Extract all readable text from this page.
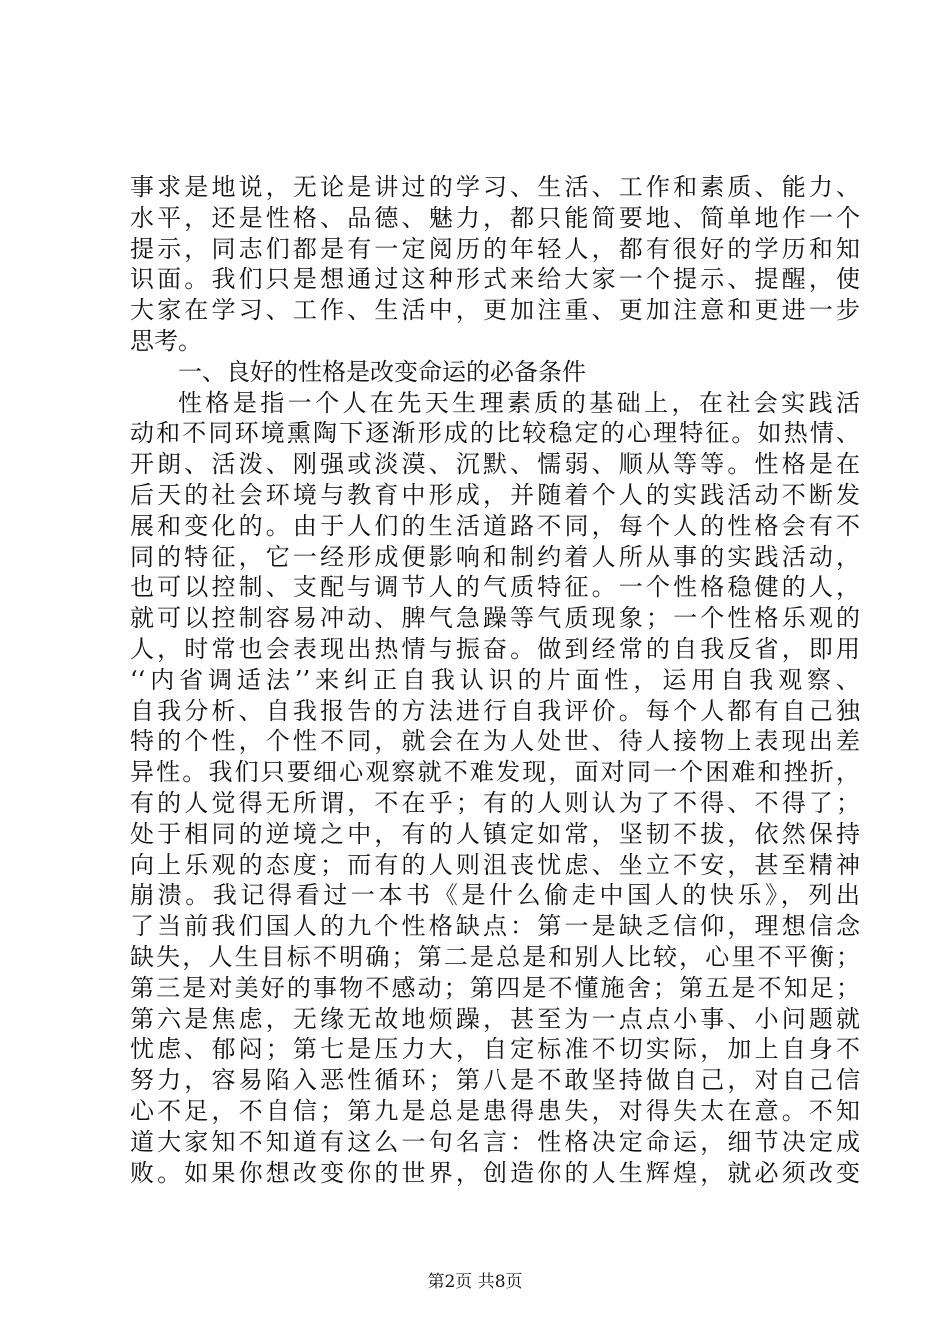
事求是地说，无论是讲过的学习、生活、工作和素质、能力、
水平，还是性格、品德、魅力，都只能简要地、简单地作一个
提示，同志们都是有一定阅历的年轻人，都有很好的学历和知
识面。我们只是想通过这种形式来给大家一个提示、提醒，使
大家在学习、工作、生活中，更加注重、更加注意和更进一步
思考。
一、良好的性格是改变命运的必备条件
性格是指一个人在先天生理素质的基础上，在社会实践活
动和不同环境熏陶下逐渐形成的比较稳定的心理特征。如热情、
开朗、活泼、刚强或淡漠、沉默、懦弱、顺从等等。性格是在
后天的社会环境与教育中形成，并随着个人的实践活动不断发
展和变化的。由于人们的生活道路不同，每个人的性格会有不
同的特征，它一经形成便影响和制约着人所从事的实践活动，
也可以控制、支配与调节人的气质特征。一个性格稳健的人，
就可以控制容易冲动、脾气急躁等气质现象；一个性格乐观的
人，时常也会表现出热情与振奋。做到经常的自我反省，即用
‘‘内省调适法’’来纠正自我认识的片面性，运用自我观察、
自我分析、自我报告的方法进行自我评价。每个人都有自己独
特的个性，个性不同，就会在为人处世、待人接物上表现出差
异性。我们只要细心观察就不难发现，面对同一个困难和挫折，
有的人觉得无所谓，不在乎；有的人则认为了不得、不得了；
处于相同的逆境之中，有的人镇定如常，坚韧不拔，依然保持
向上乐观的态度；而有的人则沮丧忧虑、坐立不安，甚至精神
崩溃。我记得看过一本书《是什么偷走中国人的快乐》，列出
了当前我们国人的九个性格缺点：第一是缺乏信仰，理想信念
缺失，人生目标不明确；第二是总是和别人比较，心里不平衡；
第三是对美好的事物不感动；第四是不懂施舍；第五是不知足；
第六是焦虑，无缘无故地烦躁，甚至为一点点小事、小问题就
忧虑、郁闷；第七是压力大，自定标准不切实际，加上自身不
努力，容易陷入恶性循环；第八是不敢坚持做自己，对自己信
心不足，不自信；第九是总是患得患失，对得失太在意。不知
道大家知不知道有这么一句名言：性格决定命运，细节决定成
败。如果你想改变你的世界，创造你的人生辉煌，就必须改变
第2页 共8页
